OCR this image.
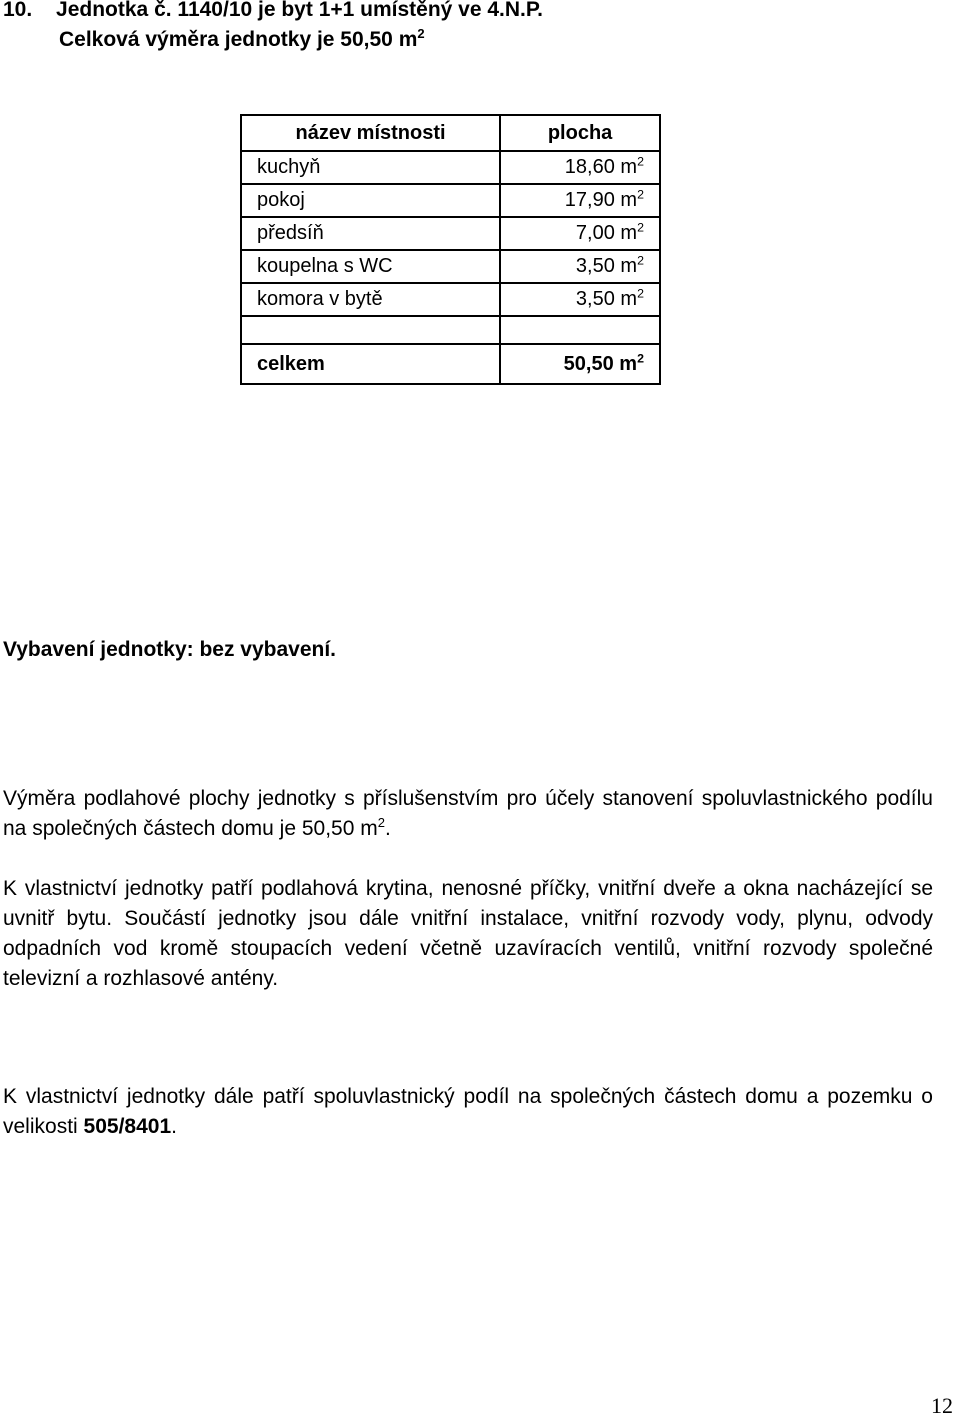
10. Jednotka č. 1140/10 je byt 1+1 umístěný ve 4.N.P.
Celková výměra jednotky je 50,50 $m^2$
název místnosti	plocha
kuchyň	18,60 $m^2$
pokoj	17,90 $m^2$
předsíň	7,00 $m^2$
koupelna s WC	3,50 $m^2$
komora v bytě	3,50 $m^2$

celkem	50,50 $m^2$
Vybavení jednotky: bez vybavení.
Výměra podlahové plochy jednotky s příslušenstvím pro účely stanovení spoluvlastnického podílu na společných částech domu je 50,50 $m^2$.
K vlastnictví jednotky patří podlahová krytina, nenosné příčky, vnitřní dveře a okna nacházející se uvnitř bytu. Součástí jednotky jsou dále vnitřní instalace, vnitřní rozvody vody, plynu, odvody odpadních vod kromě stoupacích vedení včetně uzavíracích ventilů, vnitřní rozvody společné televizní a rozhlasové antény.
K vlastnictví jednotky dále patří spoluvlastnický podíl na společných částech domu a pozemku o velikosti 505/8401.
12
